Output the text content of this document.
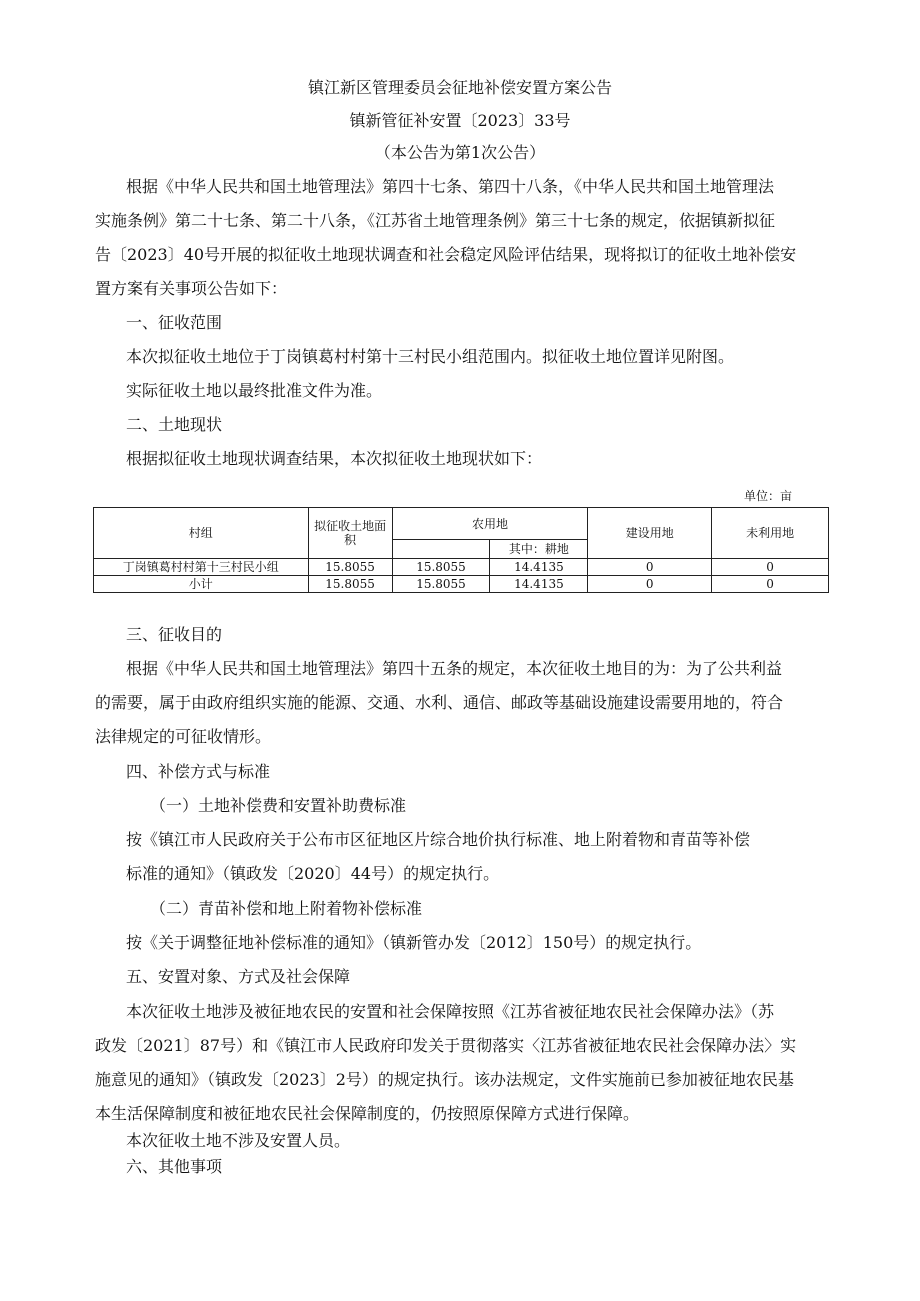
镇江新区管理委员会征地补偿安置方案公告
镇新管征补安置〔2023〕33号
（本公告为第1次公告）
根据《中华人民共和国土地管理法》第四十七条、第四十八条，《中华人民共和国土地管理法
实施条例》第二十七条、第二十八条，《江苏省土地管理条例》第三十七条的规定，依据镇新拟征
告〔2023〕40号开展的拟征收土地现状调查和社会稳定风险评估结果，现将拟订的征收土地补偿安
置方案有关事项公告如下：
一、征收范围
本次拟征收土地位于丁岗镇葛村村第十三村民小组范围内。拟征收土地位置详见附图。
实际征收土地以最终批准文件为准。
二、土地现状
根据拟征收土地现状调查结果，本次拟征收土地现状如下：
单位：亩
村组	拟征收土地面积	农用地		建设用地	未利用地
			其中：耕地		
丁岗镇葛村村第十三村民小组	15.8055	15.8055	14.4135	0	0
小计	15.8055	15.8055	14.4135	0	0
三、征收目的
根据《中华人民共和国土地管理法》第四十五条的规定，本次征收土地目的为：为了公共利益
的需要，属于由政府组织实施的能源、交通、水利、通信、邮政等基础设施建设需要用地的，符合
法律规定的可征收情形。
四、补偿方式与标准
（一）土地补偿费和安置补助费标准
按《镇江市人民政府关于公布市区征地区片综合地价执行标准、地上附着物和青苗等补偿
标准的通知》（镇政发〔2020〕44号）的规定执行。
（二）青苗补偿和地上附着物补偿标准
按《关于调整征地补偿标准的通知》（镇新管办发〔2012〕150号）的规定执行。
五、安置对象、方式及社会保障
本次征收土地涉及被征地农民的安置和社会保障按照《江苏省被征地农民社会保障办法》（苏
政发〔2021〕87号）和《镇江市人民政府印发关于贯彻落实〈江苏省被征地农民社会保障办法〉实
施意见的通知》（镇政发〔2023〕2号）的规定执行。该办法规定，文件实施前已参加被征地农民基
本生活保障制度和被征地农民社会保障制度的，仍按照原保障方式进行保障。
本次征收土地不涉及安置人员。
六、其他事项
